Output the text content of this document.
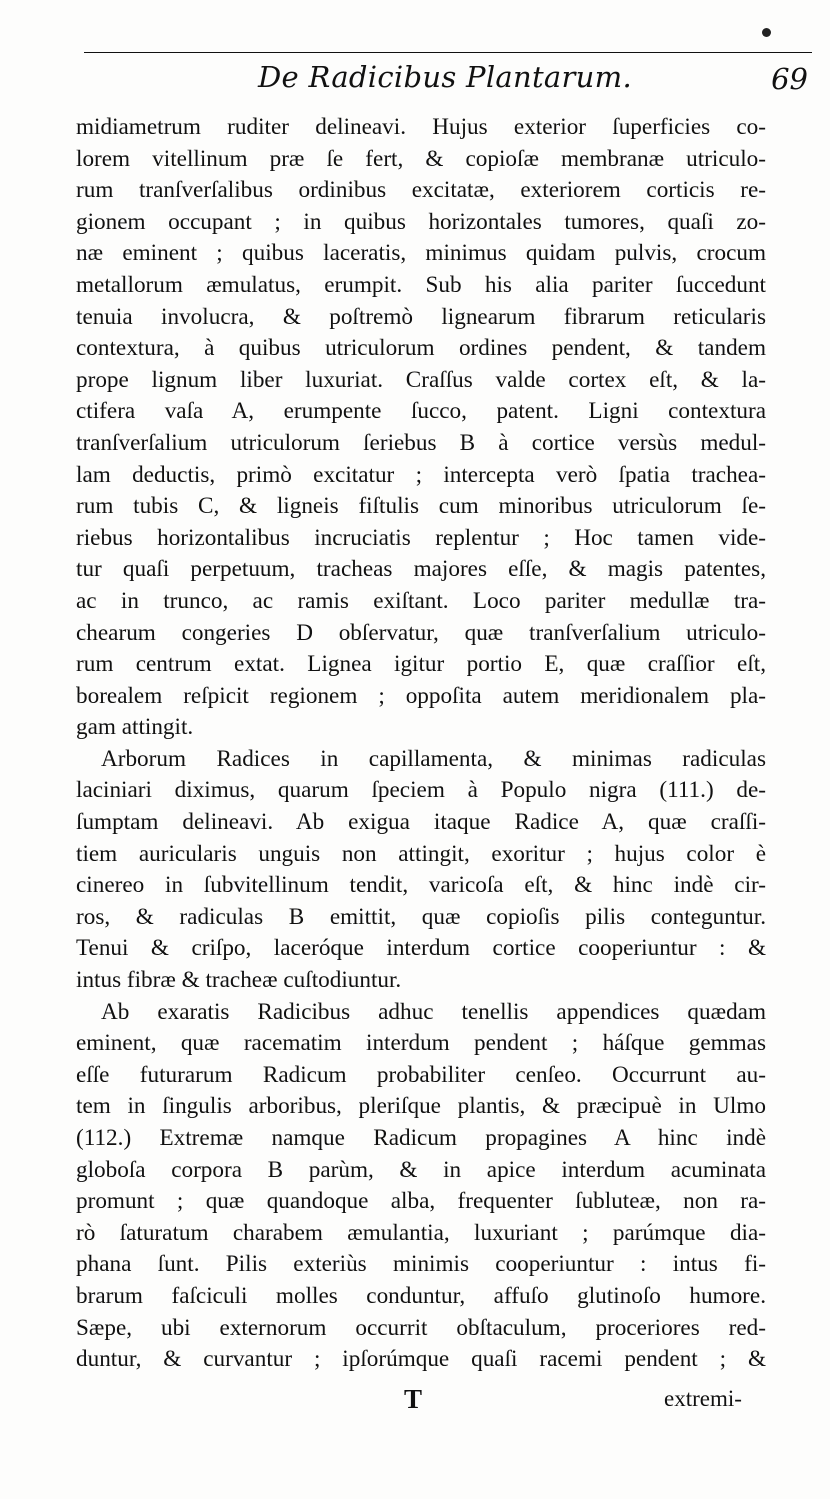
De Radicibus Plantarum.	69
midiametrum ruditer delineavi. Hujus exterior ſuperficies co-
lorem vitellinum præ ſe fert, & copioſæ membranæ utriculo-
rum tranſverſalibus ordinibus excitatæ, exteriorem corticis re-
gionem occupant ; in quibus horizontales tumores, quaſi zo-
næ eminent ; quibus laceratis, minimus quidam pulvis, crocum
metallorum æmulatus, erumpit. Sub his alia pariter ſuccedunt
tenuia involucra, & poſtremò lignearum fibrarum reticularis
contextura, à quibus utriculorum ordines pendent, & tandem
prope lignum liber luxuriat. Craſſus valde cortex eſt, & la-
ctifera vaſa A, erumpente ſucco, patent. Ligni contextura
tranſverſalium utriculorum ſeriebus B à cortice versùs medul-
lam deductis, primò excitatur ; intercepta verò ſpatia trachea-
rum tubis C, & ligneis fiſtulis cum minoribus utriculorum ſe-
riebus horizontalibus incruciatis replentur ; Hoc tamen vide-
tur quaſi perpetuum, tracheas majores eſſe, & magis patentes,
ac in trunco, ac ramis exiſtant. Loco pariter medullæ tra-
chearum congeries D obſervatur, quæ tranſverſalium utriculo-
rum centrum extat. Lignea igitur portio E, quæ craſſior eſt,
borealem reſpicit regionem ; oppoſita autem meridionalem pla-
gam attingit.
Arborum Radices in capillamenta, & minimas radiculas
laciniari diximus, quarum ſpeciem à Populo nigra (111.) de-
ſumptam delineavi. Ab exigua itaque Radice A, quæ craſſi-
tiem auricularis unguis non attingit, exoritur ; hujus color è
cinereo in ſubvitellinum tendit, varicoſa eſt, & hinc indè cir-
ros, & radiculas B emittit, quæ copioſis pilis conteguntur.
Tenui & criſpo, laceróque interdum cortice cooperiuntur : &
intus fibræ & tracheæ cuſtodiuntur.
Ab exaratis Radicibus adhuc tenellis appendices quædam
eminent, quæ racematim interdum pendent ; háſque gemmas
eſſe futurarum Radicum probabiliter cenſeo. Occurrunt au-
tem in ſingulis arboribus, pleriſque plantis, & præcipuè in Ulmo
(112.) Extremæ namque Radicum propagines A hinc indè
globoſa corpora B parùm, & in apice interdum acuminata
promunt ; quæ quandoque alba, frequenter ſubluteæ, non ra-
rò ſaturatum charabem æmulantia, luxuriant ; parúmque dia-
phana ſunt. Pilis exteriùs minimis cooperiuntur : intus fi-
brarum faſciculi molles conduntur, affuſo glutinoſo humore.
Sæpe, ubi externorum occurrit obſtaculum, proceriores red-
duntur, & curvantur ; ipſorúmque quaſi racemi pendent ; &
T	extremi-
